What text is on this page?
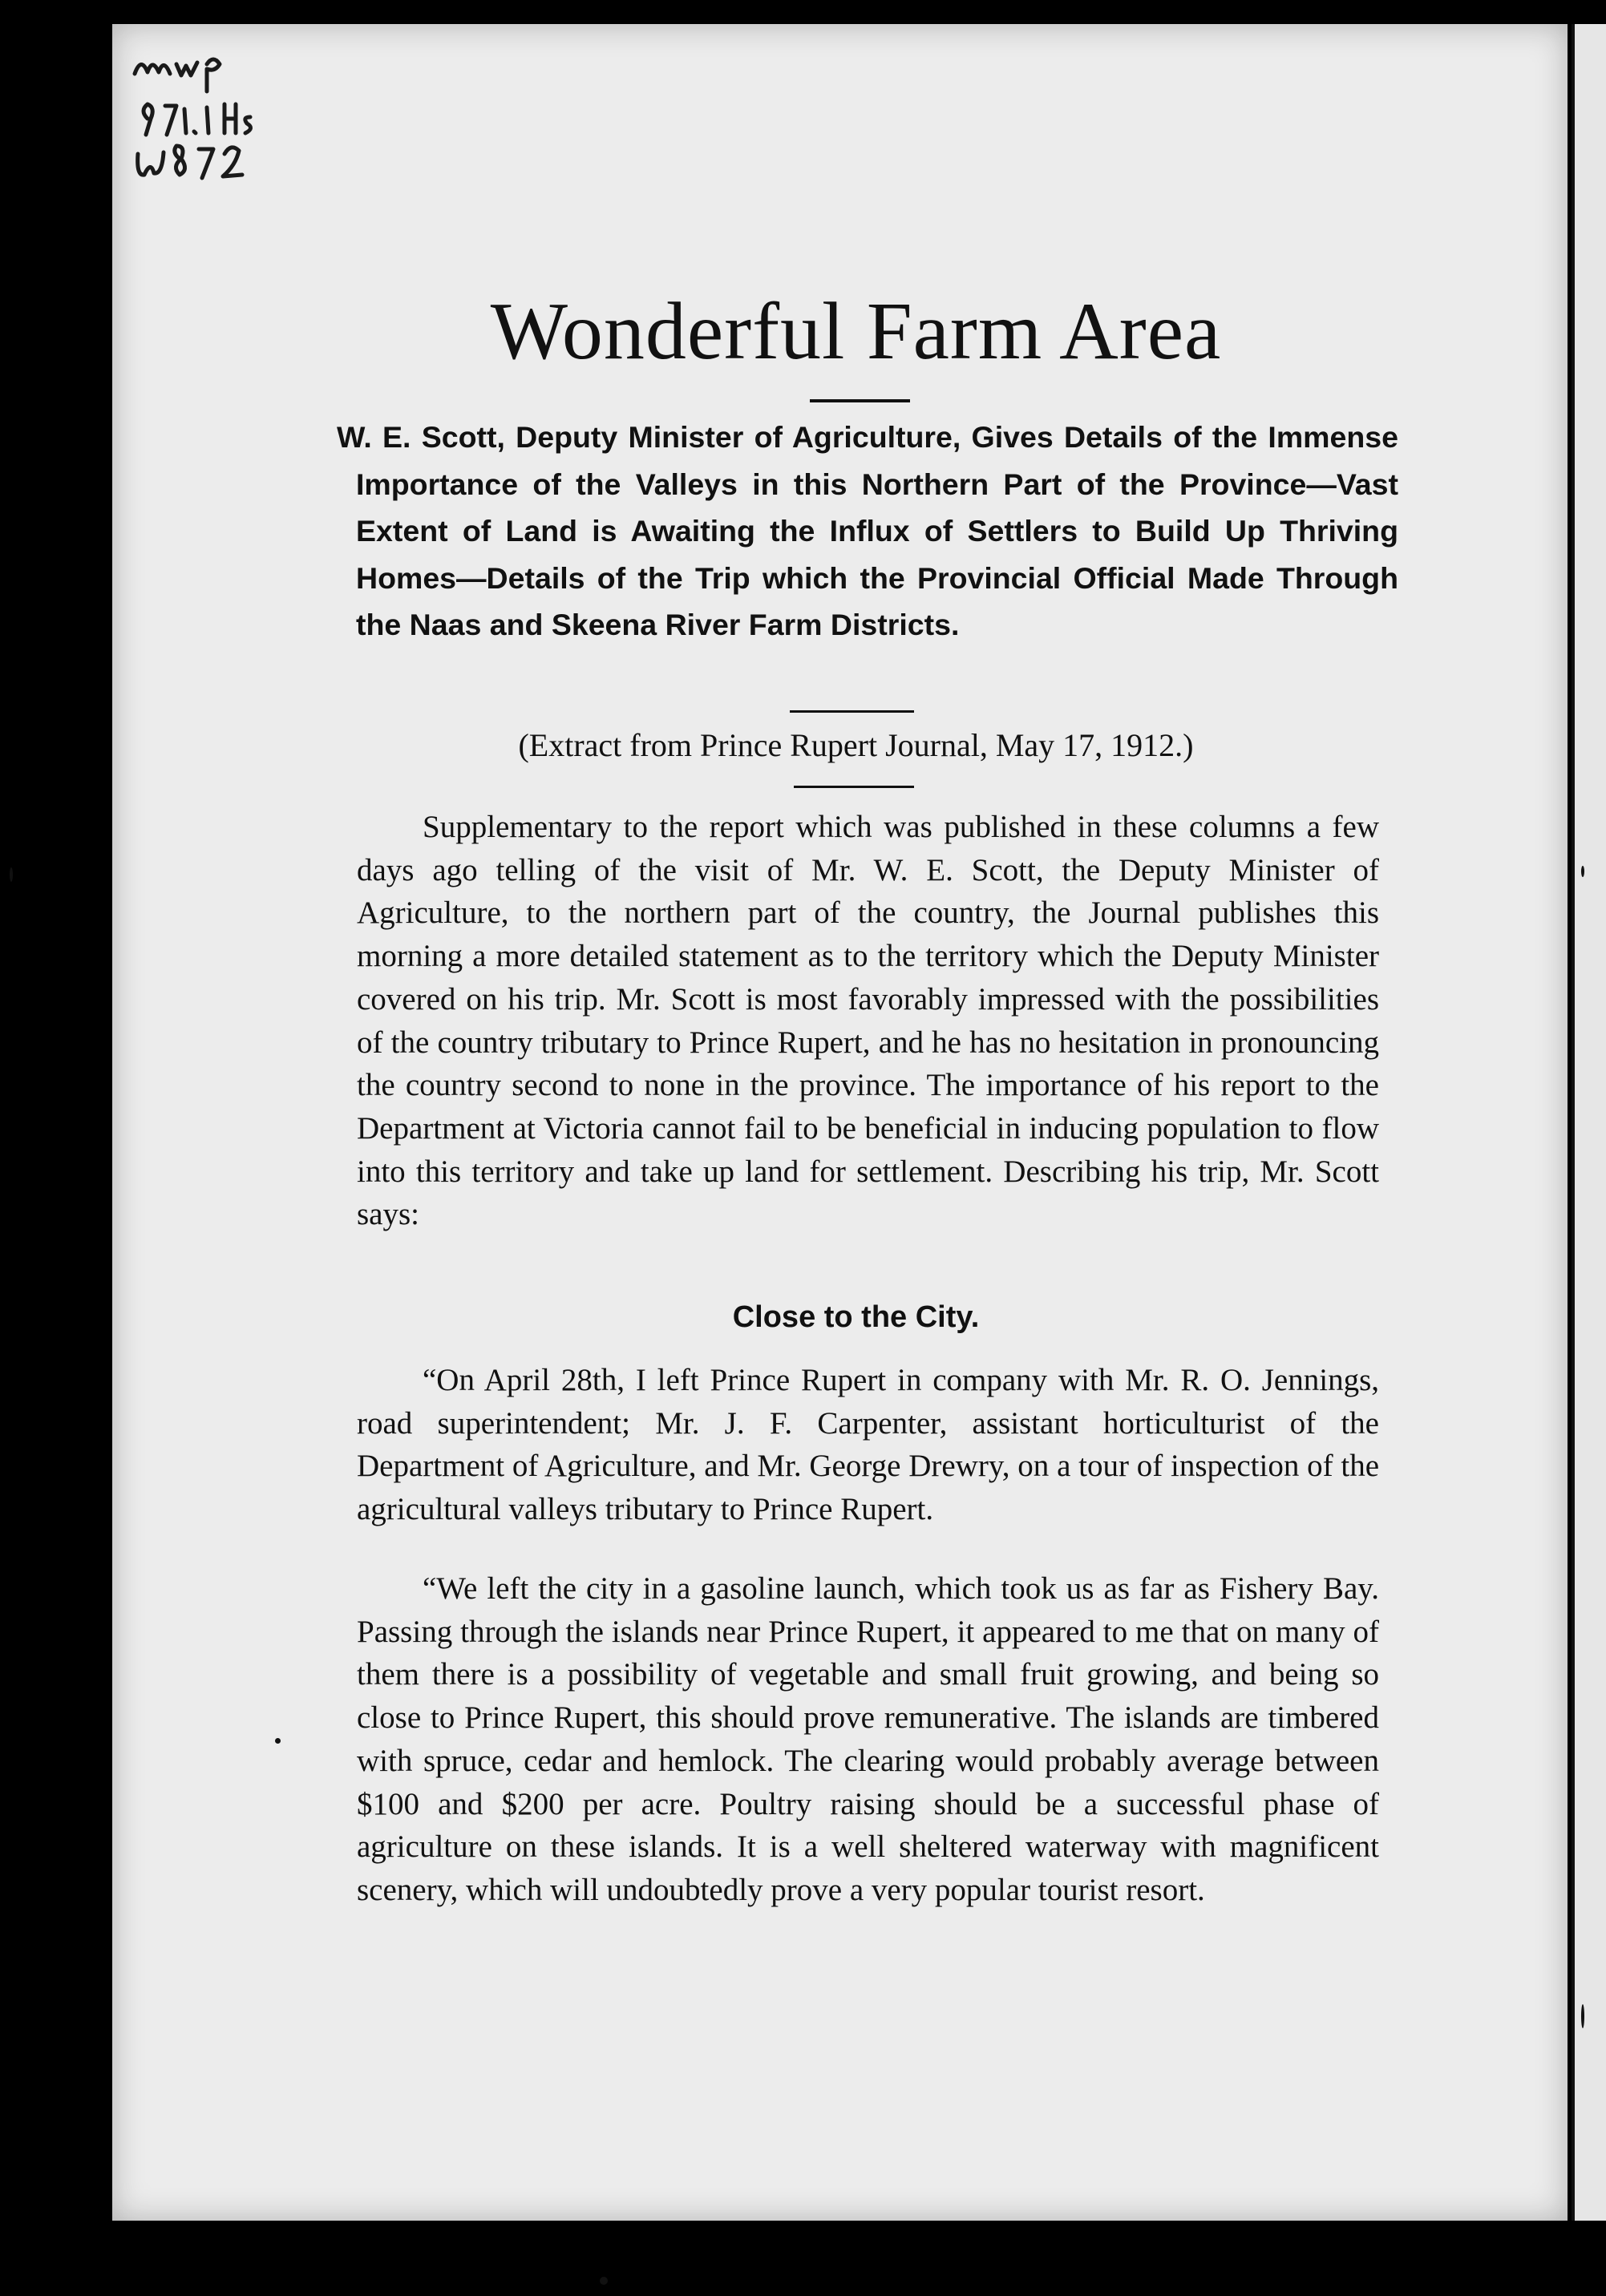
Wonderful Farm Area

W. E. Scott, Deputy Minister of Agriculture, Gives Details of the Immense Importance of the Valleys in this Northern Part of the Province—Vast Extent of Land is Awaiting the Influx of Settlers to Build Up Thriving Homes—Details of the Trip which the Provincial Official Made Through the Naas and Skeena River Farm Districts.

(Extract from Prince Rupert Journal, May 17, 1912.)

Supplementary to the report which was published in these columns a few days ago telling of the visit of Mr. W. E. Scott, the Deputy Minister of Agriculture, to the northern part of the country, the Journal publishes this morning a more detailed statement as to the territory which the Deputy Minister covered on his trip. Mr. Scott is most favorably impressed with the possibilities of the country tributary to Prince Rupert, and he has no hesitation in pronouncing the country second to none in the province. The importance of his report to the Department at Victoria cannot fail to be beneficial in inducing population to flow into this territory and take up land for settlement. Describing his trip, Mr. Scott says:

Close to the City.

“On April 28th, I left Prince Rupert in company with Mr. R. O. Jennings, road superintendent; Mr. J. F. Carpenter, assistant horticulturist of the Department of Agriculture, and Mr. George Drewry, on a tour of inspection of the agricultural valleys tributary to Prince Rupert.

“We left the city in a gasoline launch, which took us as far as Fishery Bay. Passing through the islands near Prince Rupert, it appeared to me that on many of them there is a possibility of vegetable and small fruit growing, and being so close to Prince Rupert, this should prove remunerative. The islands are timbered with spruce, cedar and hemlock. The clearing would probably average between $100 and $200 per acre. Poultry raising should be a successful phase of agriculture on these islands. It is a well sheltered waterway with magnificent scenery, which will undoubtedly prove a very popular tourist resort.
